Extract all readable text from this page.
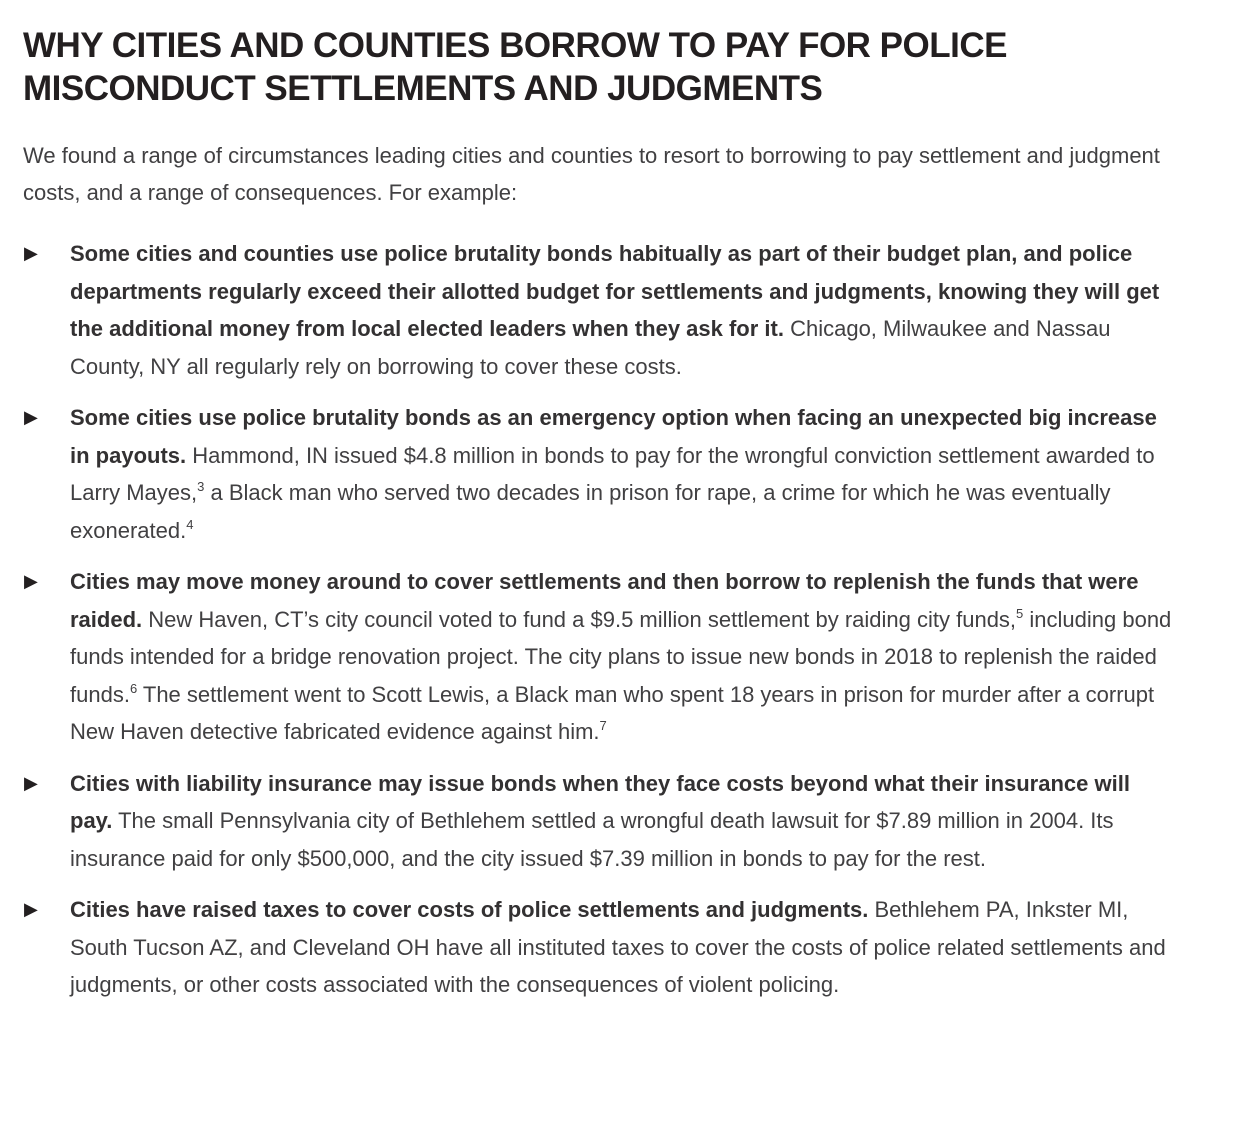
WHY CITIES AND COUNTIES BORROW TO PAY FOR POLICE
MISCONDUCT SETTLEMENTS AND JUDGMENTS

We found a range of circumstances leading cities and counties to resort to borrowing to pay settlement and judgment costs, and a range of consequences. For example:

▶ Some cities and counties use police brutality bonds habitually as part of their budget plan, and police departments regularly exceed their allotted budget for settlements and judgments, knowing they will get the additional money from local elected leaders when they ask for it. Chicago, Milwaukee and Nassau County, NY all regularly rely on borrowing to cover these costs.
▶ Some cities use police brutality bonds as an emergency option when facing an unexpected big increase in payouts. Hammond, IN issued $4.8 million in bonds to pay for the wrongful conviction settlement awarded to Larry Mayes,$^3$ a Black man who served two decades in prison for rape, a crime for which he was eventually exonerated.$^4$
▶ Cities may move money around to cover settlements and then borrow to replenish the funds that were raided. New Haven, CT’s city council voted to fund a $9.5 million settlement by raiding city funds,$^5$ including bond funds intended for a bridge renovation project. The city plans to issue new bonds in 2018 to replenish the raided funds.$^6$ The settlement went to Scott Lewis, a Black man who spent 18 years in prison for murder after a corrupt New Haven detective fabricated evidence against him.$^7$
▶ Cities with liability insurance may issue bonds when they face costs beyond what their insurance will pay. The small Pennsylvania city of Bethlehem settled a wrongful death lawsuit for $7.89 million in 2004. Its insurance paid for only $500,000, and the city issued $7.39 million in bonds to pay for the rest.
▶ Cities have raised taxes to cover costs of police settlements and judgments. Bethlehem PA, Inkster MI, South Tucson AZ, and Cleveland OH have all instituted taxes to cover the costs of police related settlements and judgments, or other costs associated with the consequences of violent policing.
